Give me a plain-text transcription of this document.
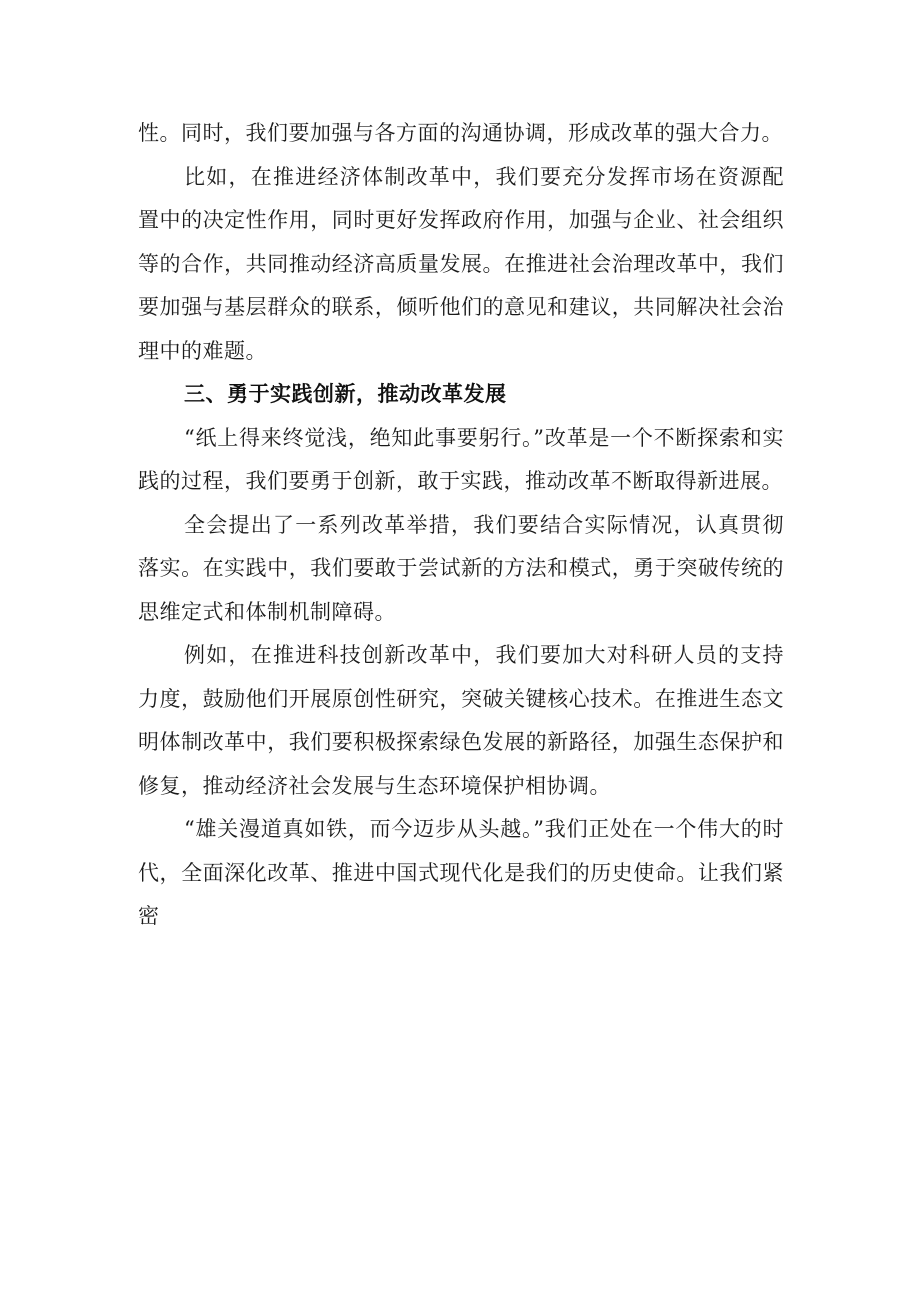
性。同时，我们要加强与各方面的沟通协调，形成改革的强大合力。

比如，在推进经济体制改革中，我们要充分发挥市场在资源配置中的决定性作用，同时更好发挥政府作用，加强与企业、社会组织等的合作，共同推动经济高质量发展。在推进社会治理改革中，我们要加强与基层群众的联系，倾听他们的意见和建议，共同解决社会治理中的难题。

三、勇于实践创新，推动改革发展

“纸上得来终觉浅，绝知此事要躬行。”改革是一个不断探索和实践的过程，我们要勇于创新，敢于实践，推动改革不断取得新进展。

全会提出了一系列改革举措，我们要结合实际情况，认真贯彻落实。在实践中，我们要敢于尝试新的方法和模式，勇于突破传统的思维定式和体制机制障碍。

例如，在推进科技创新改革中，我们要加大对科研人员的支持力度，鼓励他们开展原创性研究，突破关键核心技术。在推进生态文明体制改革中，我们要积极探索绿色发展的新路径，加强生态保护和修复，推动经济社会发展与生态环境保护相协调。

“雄关漫道真如铁，而今迈步从头越。”我们正处在一个伟大的时代，全面深化改革、推进中国式现代化是我们的历史使命。让我们紧密
